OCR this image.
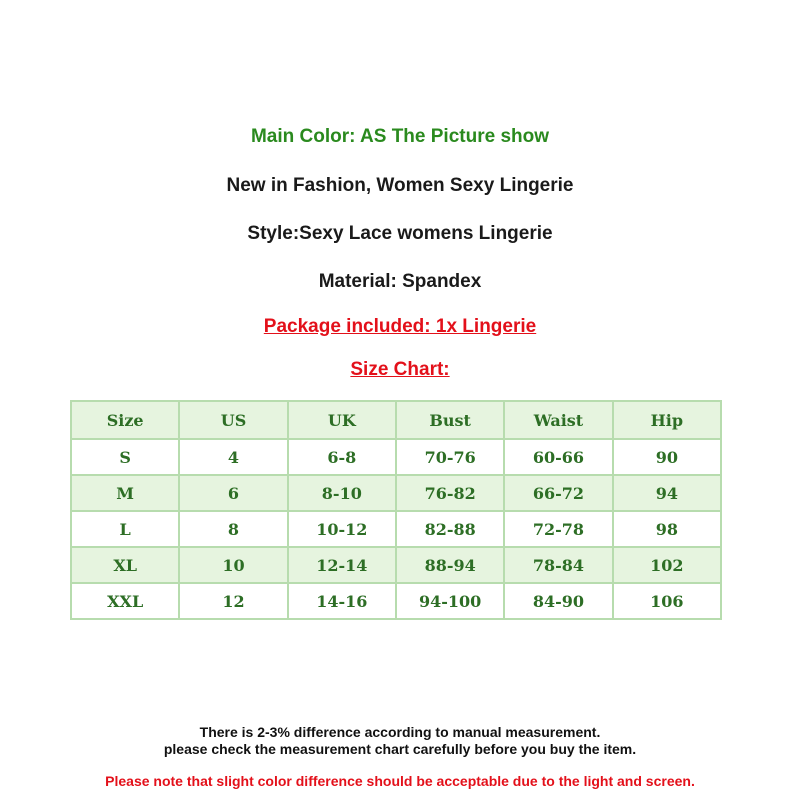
Main Color: AS The Picture show
New in Fashion, Women Sexy Lingerie
Style:Sexy Lace womens Lingerie
Material: Spandex
Package included: 1x Lingerie
Size Chart:
Size	US	UK	Bust	Waist	Hip
S	4	6-8	70-76	60-66	90
M	6	8-10	76-82	66-72	94
L	8	10-12	82-88	72-78	98
XL	10	12-14	88-94	78-84	102
XXL	12	14-16	94-100	84-90	106
There is 2-3% difference according to manual measurement.
please check the measurement chart carefully before you buy the item.
Please note that slight color difference should be acceptable due to the light and screen.
